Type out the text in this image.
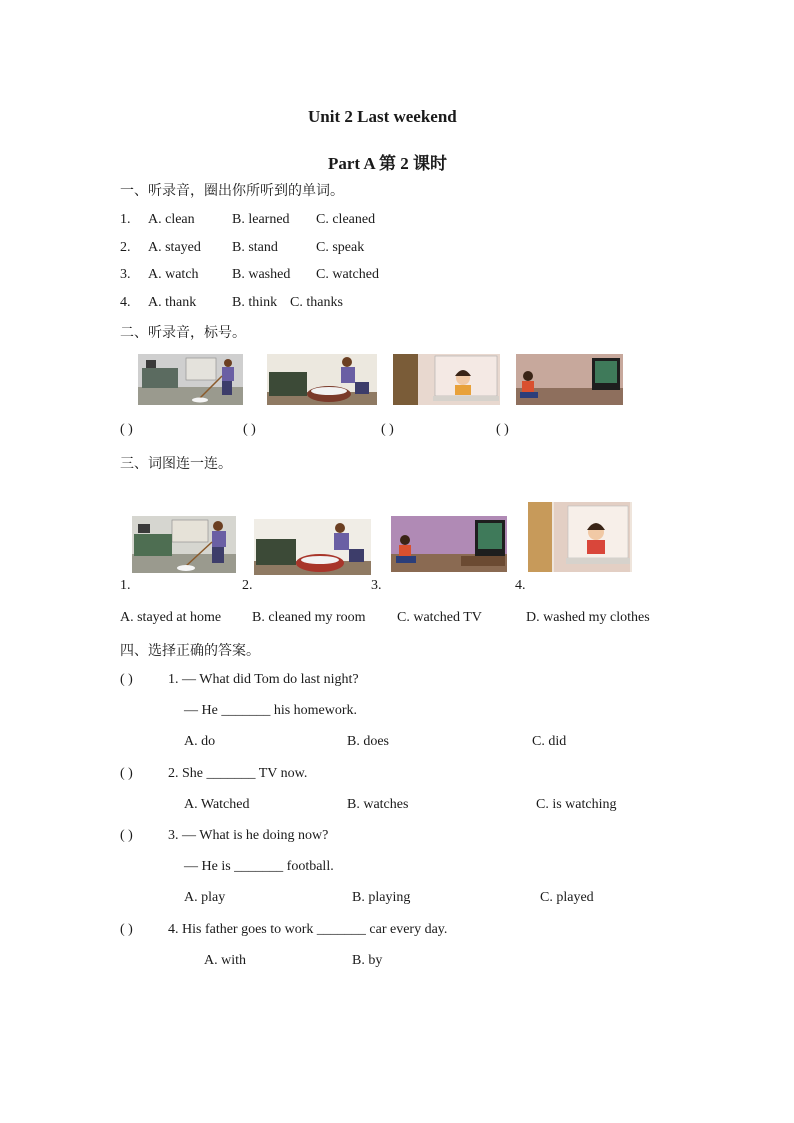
Unit 2 Last weekend
Part A 第 2 课时
一、听录音，圈出你所听到的单词。
1. A. clean	B. learned C. cleaned
2. A. stayed B. stand	C. speak
3. A. watch B. washed C. watched
4. A. thank	B. think C. thanks
二、听录音，标号。
( )	( )	( )	( )
三、词图连一连。
1.	2.	3.	4.
A. stayed at home B. cleaned my room C. watched TV	D. washed my clothes
四、选择正确的答案。
( )	1. — What did Tom do last night?
— He _______ his homework.
A. do	B. does	C. did
( )	2. She _______ TV now.
A. Watched	B. watches	C. is watching
( )	3. — What is he doing now?
— He is _______ football.
A. play	B. playing	C. played
( )	4. His father goes to work _______ car every day.
A. with	B. by
